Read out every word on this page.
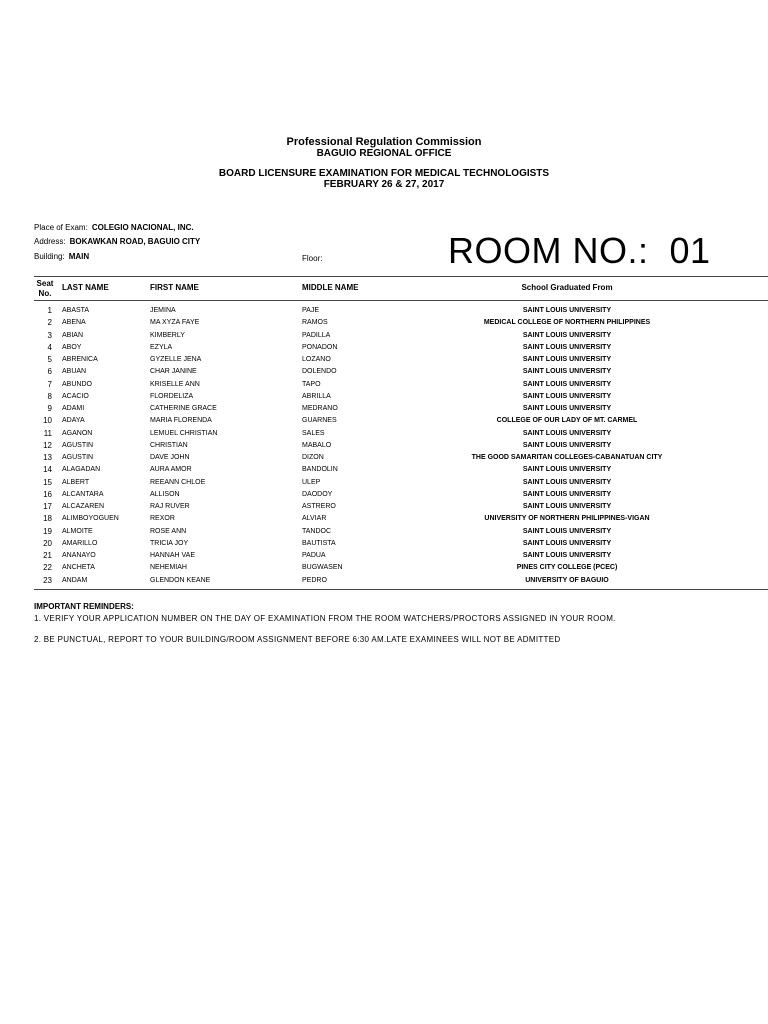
Professional Regulation Commission
BAGUIO REGIONAL OFFICE
BOARD LICENSURE EXAMINATION FOR MEDICAL TECHNOLOGISTS
FEBRUARY 26 & 27, 2017
Place of Exam: COLEGIO NACIONAL, INC.
Address: BOKAWKAN ROAD, BAGUIO CITY
Building: MAIN	Floor:	ROOM NO.: 01
Seat
No.
LAST NAME	FIRST NAME	MIDDLE NAME	School Graduated From
1 ABASTA	JEMINA	PAJE	SAINT LOUIS UNIVERSITY
2 ABENA	MA XYZA FAYE	RAMOS	MEDICAL COLLEGE OF NORTHERN PHILIPPINES
3 ABIAN	KIMBERLY	PADILLA	SAINT LOUIS UNIVERSITY
4 ABOY	EZYLA	PONADON	SAINT LOUIS UNIVERSITY
5 ABRENICA	GYZELLE JENA	LOZANO	SAINT LOUIS UNIVERSITY
6 ABUAN	CHAR JANINE	DOLENDO	SAINT LOUIS UNIVERSITY
7 ABUNDO	KRISELLE ANN	TAPO	SAINT LOUIS UNIVERSITY
8 ACACIO	FLORDELIZA	ABRILLA	SAINT LOUIS UNIVERSITY
9 ADAMI	CATHERINE GRACE	MEDRANO	SAINT LOUIS UNIVERSITY
10 ADAYA	MARIA FLORENDA	GUARNES	COLLEGE OF OUR LADY OF MT. CARMEL
11 AGANON	LEMUEL CHRISTIAN	SALES	SAINT LOUIS UNIVERSITY
12 AGUSTIN	CHRISTIAN	MABALO	SAINT LOUIS UNIVERSITY
13 AGUSTIN	DAVE JOHN	DIZON	THE GOOD SAMARITAN COLLEGES-CABANATUAN CITY
14 ALAGADAN	AURA AMOR	BANDOLIN	SAINT LOUIS UNIVERSITY
15 ALBERT	REEANN CHLOE	ULEP	SAINT LOUIS UNIVERSITY
16 ALCANTARA	ALLISON	DAODOY	SAINT LOUIS UNIVERSITY
17 ALCAZAREN	RAJ RUVER	ASTRERO	SAINT LOUIS UNIVERSITY
18 ALIMBOYOGUEN	REXOR	ALVIAR	UNIVERSITY OF NORTHERN PHILIPPINES-VIGAN
19 ALMOITE	ROSE ANN	TANDOC	SAINT LOUIS UNIVERSITY
20 AMARILLO	TRICIA JOY	BAUTISTA	SAINT LOUIS UNIVERSITY
21 ANANAYO	HANNAH VAE	PADUA	SAINT LOUIS UNIVERSITY
22 ANCHETA	NEHEMIAH	BUGWASEN	PINES CITY COLLEGE (PCEC)
23 ANDAM	GLENDON KEANE	PEDRO	UNIVERSITY OF BAGUIO
IMPORTANT REMINDERS:
1. VERIFY YOUR APPLICATION NUMBER ON THE DAY OF EXAMINATION FROM THE ROOM WATCHERS/PROCTORS ASSIGNED IN YOUR ROOM.
2. BE PUNCTUAL, REPORT TO YOUR BUILDING/ROOM ASSIGNMENT BEFORE 6:30 AM.LATE EXAMINEES WILL NOT BE ADMITTED
